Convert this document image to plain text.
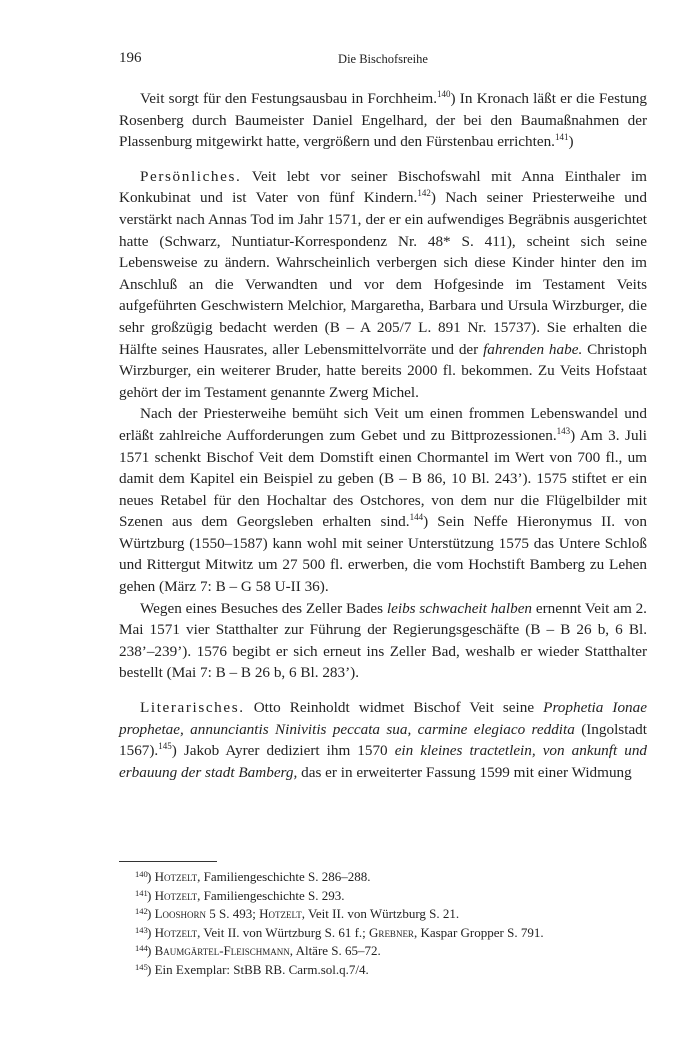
196	Die Bischofsreihe

Veit sorgt für den Festungsausbau in Forchheim.$^{140}$) In Kronach läßt er die Festung Rosenberg durch Baumeister Daniel Engelhard, der bei den Baumaßnahmen der Plassenburg mitgewirkt hatte, vergrößern und den Fürstenbau errichten.$^{141}$)

Persönliches. Veit lebt vor seiner Bischofswahl mit Anna Einthaler im Konkubinat und ist Vater von fünf Kindern.$^{142}$) Nach seiner Priesterweihe und verstärkt nach Annas Tod im Jahr 1571, der er ein aufwendiges Begräbnis ausgerichtet hatte (Schwarz, Nuntiatur-Korrespondenz Nr. 48* S. 411), scheint sich seine Lebensweise zu ändern. Wahrscheinlich verbergen sich diese Kinder hinter den im Anschluß an die Verwandten und vor dem Hofgesinde im Testament Veits aufgeführten Geschwistern Melchior, Margaretha, Barbara und Ursula Wirzburger, die sehr großzügig bedacht werden (B – A 205/7 L. 891 Nr. 15737). Sie erhalten die Hälfte seines Hausrates, aller Lebensmittelvorräte und der fahrenden habe. Christoph Wirzburger, ein weiterer Bruder, hatte bereits 2000 fl. bekommen. Zu Veits Hofstaat gehört der im Testament genannte Zwerg Michel.

Nach der Priesterweihe bemüht sich Veit um einen frommen Lebenswandel und erläßt zahlreiche Aufforderungen zum Gebet und zu Bittprozessionen.$^{143}$) Am 3. Juli 1571 schenkt Bischof Veit dem Domstift einen Chormantel im Wert von 700 fl., um damit dem Kapitel ein Beispiel zu geben (B – B 86, 10 Bl. 243’). 1575 stiftet er ein neues Retabel für den Hochaltar des Ostchores, von dem nur die Flügelbilder mit Szenen aus dem Georgsleben erhalten sind.$^{144}$) Sein Neffe Hieronymus II. von Würtzburg (1550–1587) kann wohl mit seiner Unterstützung 1575 das Untere Schloß und Rittergut Mitwitz um 27 500 fl. erwerben, die vom Hochstift Bamberg zu Lehen gehen (März 7: B – G 58 U-II 36).

Wegen eines Besuches des Zeller Bades leibs schwacheit halben ernennt Veit am 2. Mai 1571 vier Statthalter zur Führung der Regierungsgeschäfte (B – B 26 b, 6 Bl. 238’–239’). 1576 begibt er sich erneut ins Zeller Bad, weshalb er wieder Statthalter bestellt (Mai 7: B – B 26 b, 6 Bl. 283’).

Literarisches. Otto Reinholdt widmet Bischof Veit seine Prophetia Ionae prophetae, annunciantis Ninivitis peccata sua, carmine elegiaco reddita (Ingolstadt 1567).$^{145}$) Jakob Ayrer dediziert ihm 1570 ein kleines tractetlein, von ankunft und erbauung der stadt Bamberg, das er in erweiterter Fassung 1599 mit einer Widmung

140 ) Hotzelt, Familiengeschichte S. 286–288.
141 ) Hotzelt, Familiengeschichte S. 293.
142 ) Looshorn 5 S. 493; Hotzelt, Veit II. von Würtzburg S. 21.
143 ) Hotzelt, Veit II. von Würtzburg S. 61 f.; Grebner, Kaspar Gropper S. 791.
144 ) Baumgärtel-Fleischmann, Altäre S. 65–72.
145 ) Ein Exemplar: StBB RB. Carm.sol.q.7/4.
